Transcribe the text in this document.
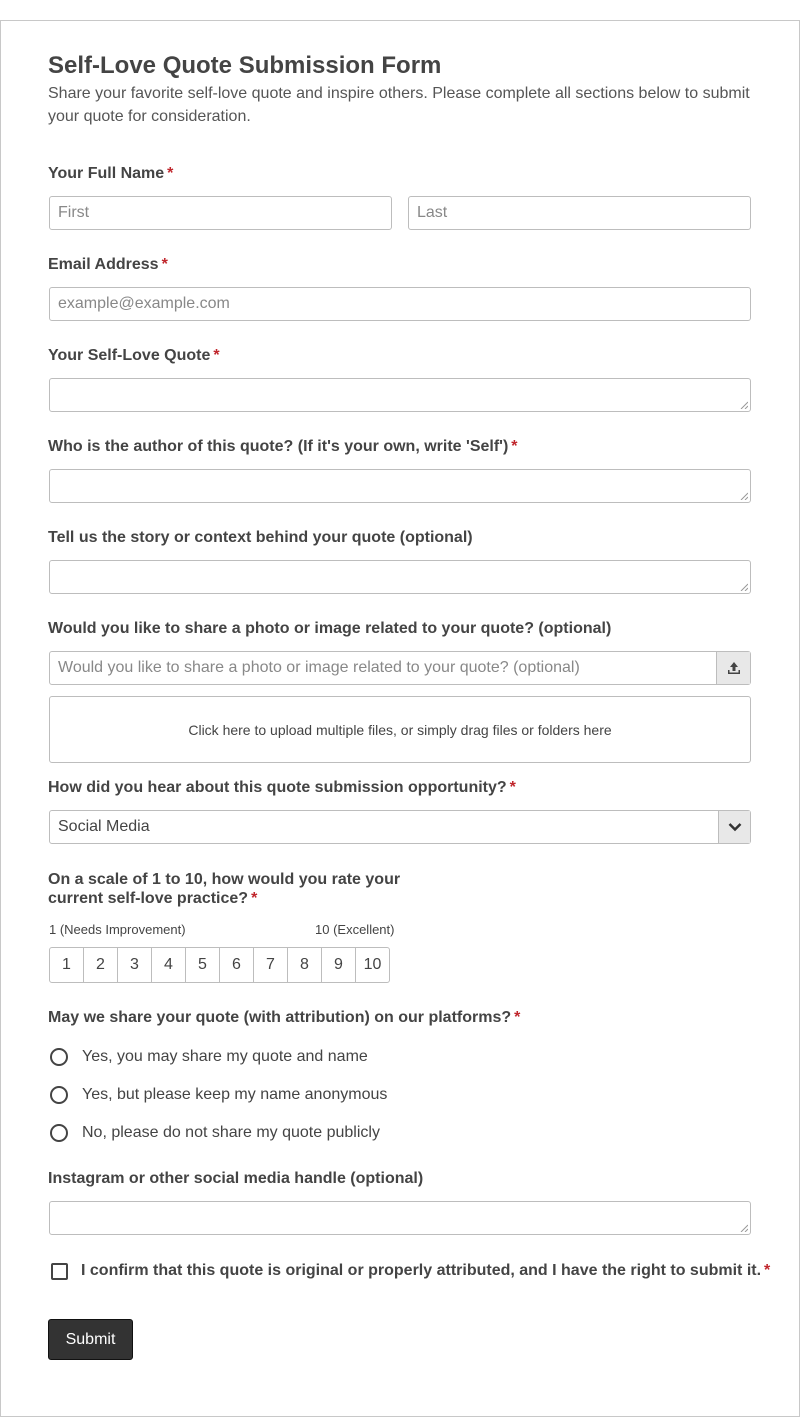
Self-Love Quote Submission Form
Share your favorite self-love quote and inspire others. Please complete all sections below to submit your quote for consideration.
Your Full Name *
First	Last
Email Address *
example@example.com
Your Self-Love Quote *
Who is the author of this quote? (If it's your own, write 'Self') *
Tell us the story or context behind your quote (optional)
Would you like to share a photo or image related to your quote? (optional)
Would you like to share a photo or image related to your quote? (optional)
Click here to upload multiple files, or simply drag files or folders here
How did you hear about this quote submission opportunity? *
Social Media
On a scale of 1 to 10, how would you rate your
current self-love practice? *
1 (Needs Improvement)	10 (Excellent)
1	2	3	4	5	6	7	8	9	10
May we share your quote (with attribution) on our platforms? *
Yes, you may share my quote and name
Yes, but please keep my name anonymous
No, please do not share my quote publicly
Instagram or other social media handle (optional)
I confirm that this quote is original or properly attributed, and I have the right to submit it. *
Submit
